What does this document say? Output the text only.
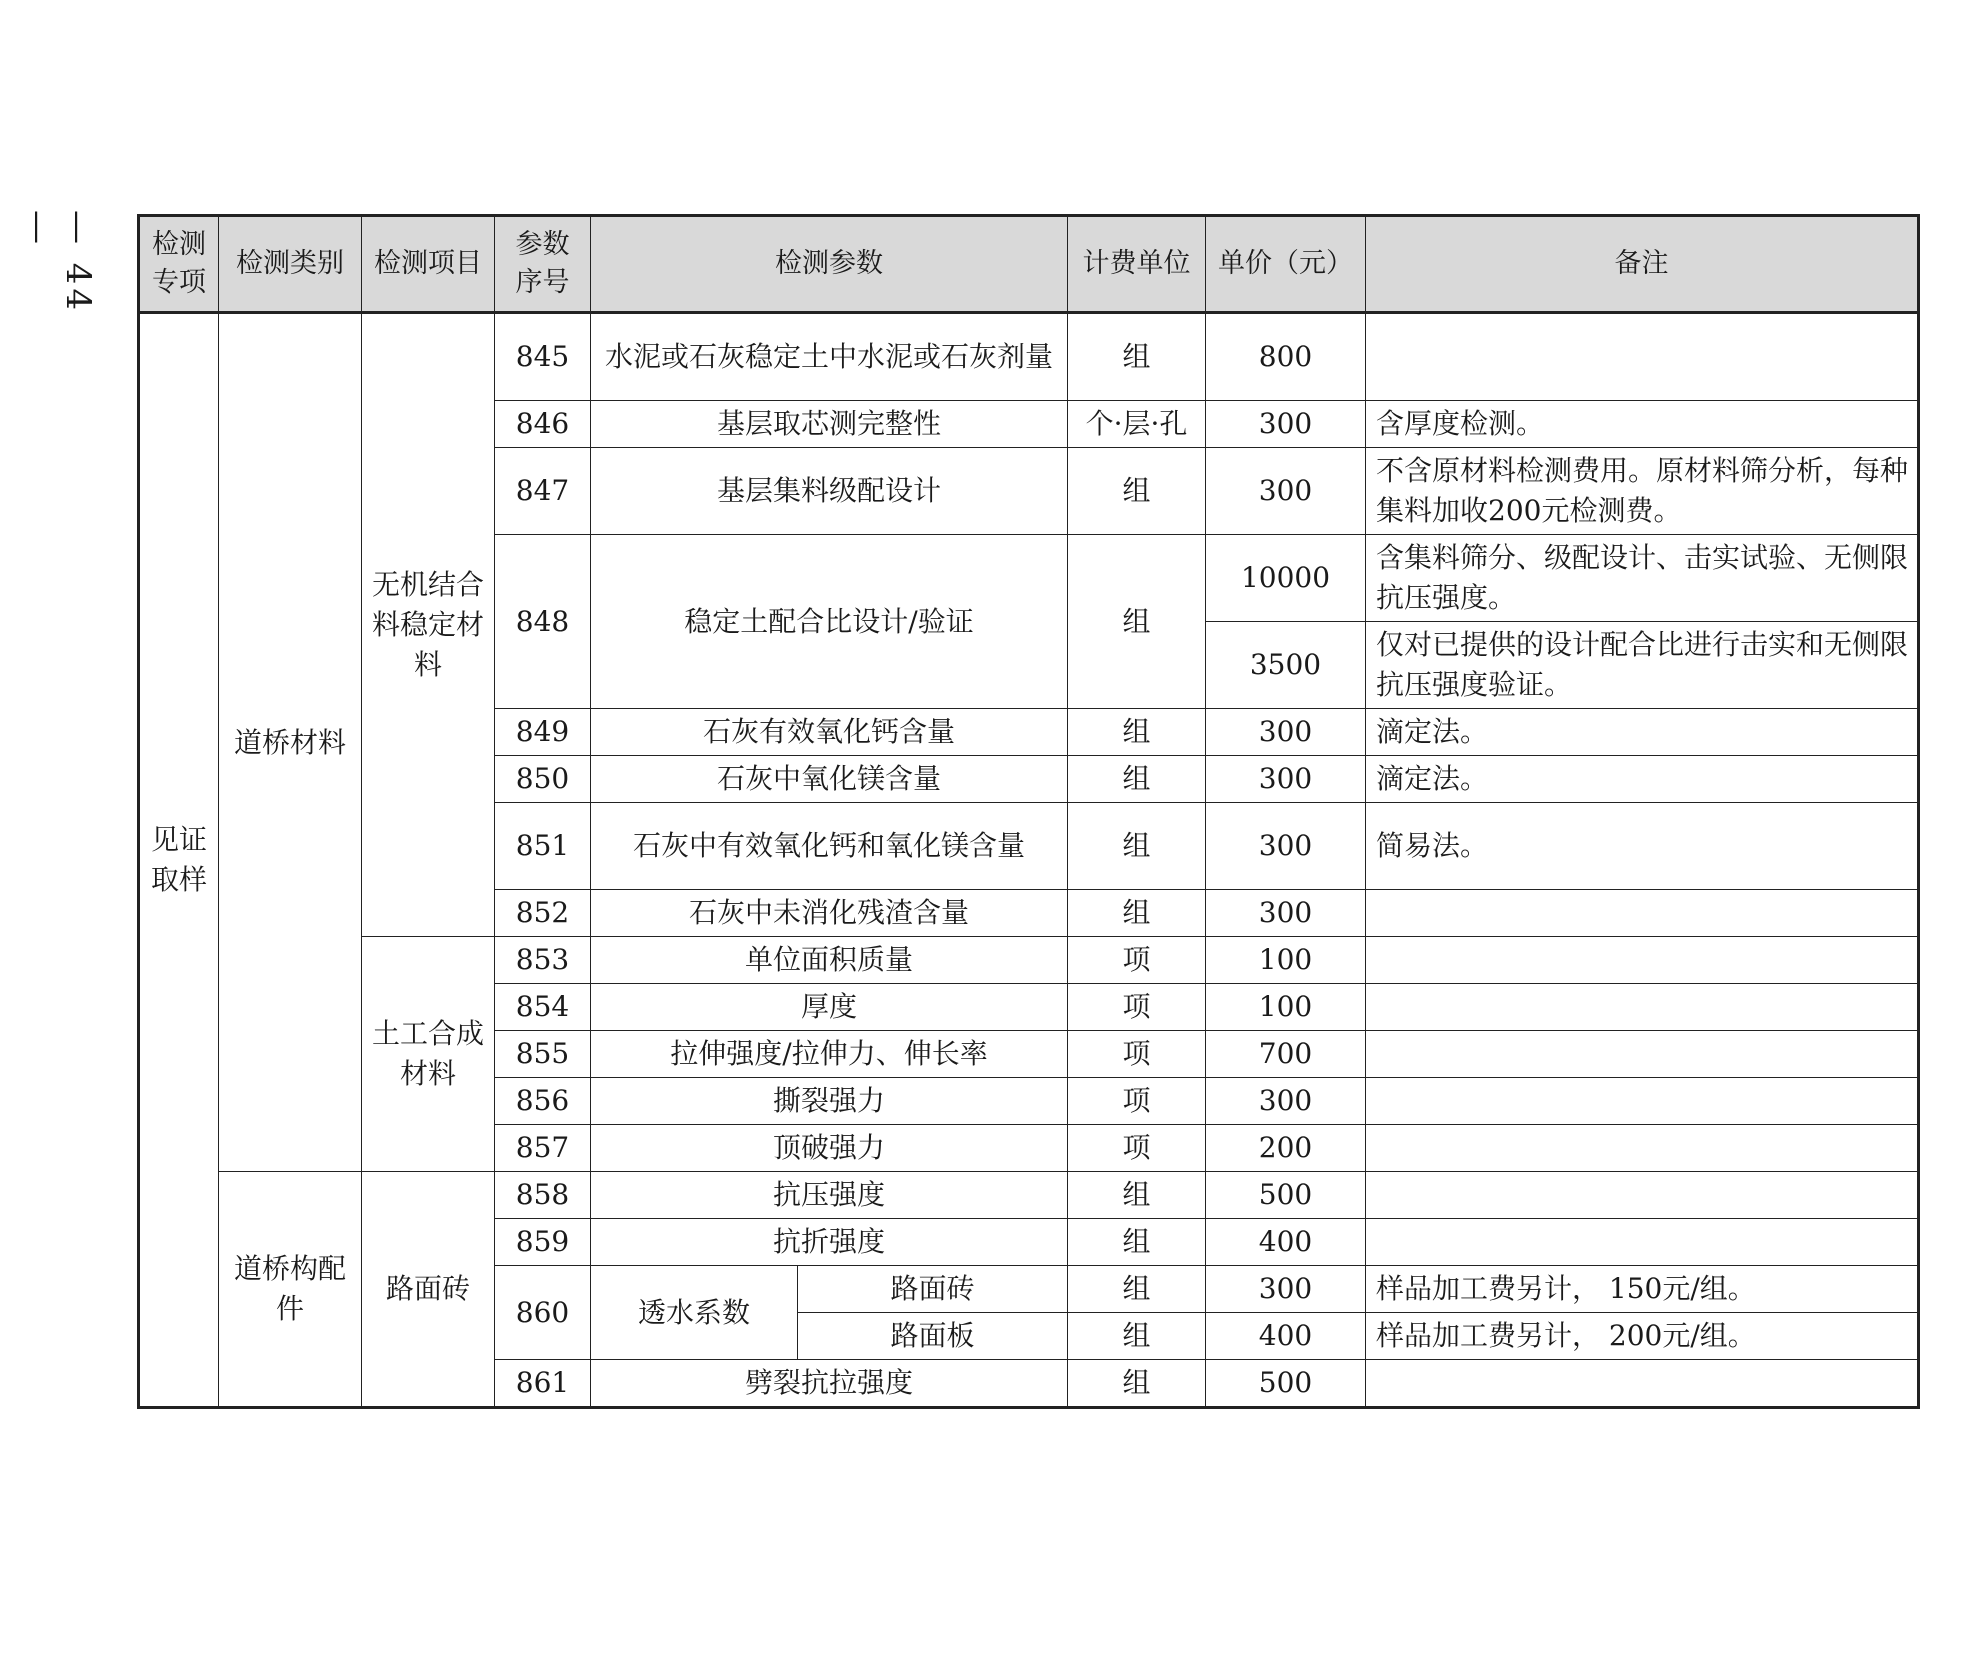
— 44 —	检测专项	检测类别	检测项目	参数序号	检测参数		计费单位	单价（元）	备注
见证取样	道桥材料	无机结合料稳定材料	845	水泥或石灰稳定土中水泥或石灰剂量		组	800	
			846	基层取芯测完整性		个·层·孔	300	含厚度检测。
			847	基层集料级配设计		组	300	不含原材料检测费用。原材料筛分析，每种集料加收200元检测费。
			848	稳定土配合比设计/验证		组	10000	含集料筛分、级配设计、击实试验、无侧限抗压强度。
							3500	仅对已提供的设计配合比进行击实和无侧限抗压强度验证。
			849	石灰有效氧化钙含量		组	300	滴定法。
			850	石灰中氧化镁含量		组	300	滴定法。
			851	石灰中有效氧化钙和氧化镁含量		组	300	简易法。
			852	石灰中未消化残渣含量		组	300	
		土工合成材料	853	单位面积质量		项	100	
			854	厚度		项	100	
			855	拉伸强度/拉伸力、伸长率		项	700	
			856	撕裂强力		项	300	
			857	顶破强力		项	200	
	道桥构配件	路面砖	858	抗压强度		组	500	
			859	抗折强度		组	400	
			860	透水系数	路面砖	组	300	样品加工费另计， 150元/组。
					路面板	组	400	样品加工费另计， 200元/组。
			861	劈裂抗拉强度		组	500	
